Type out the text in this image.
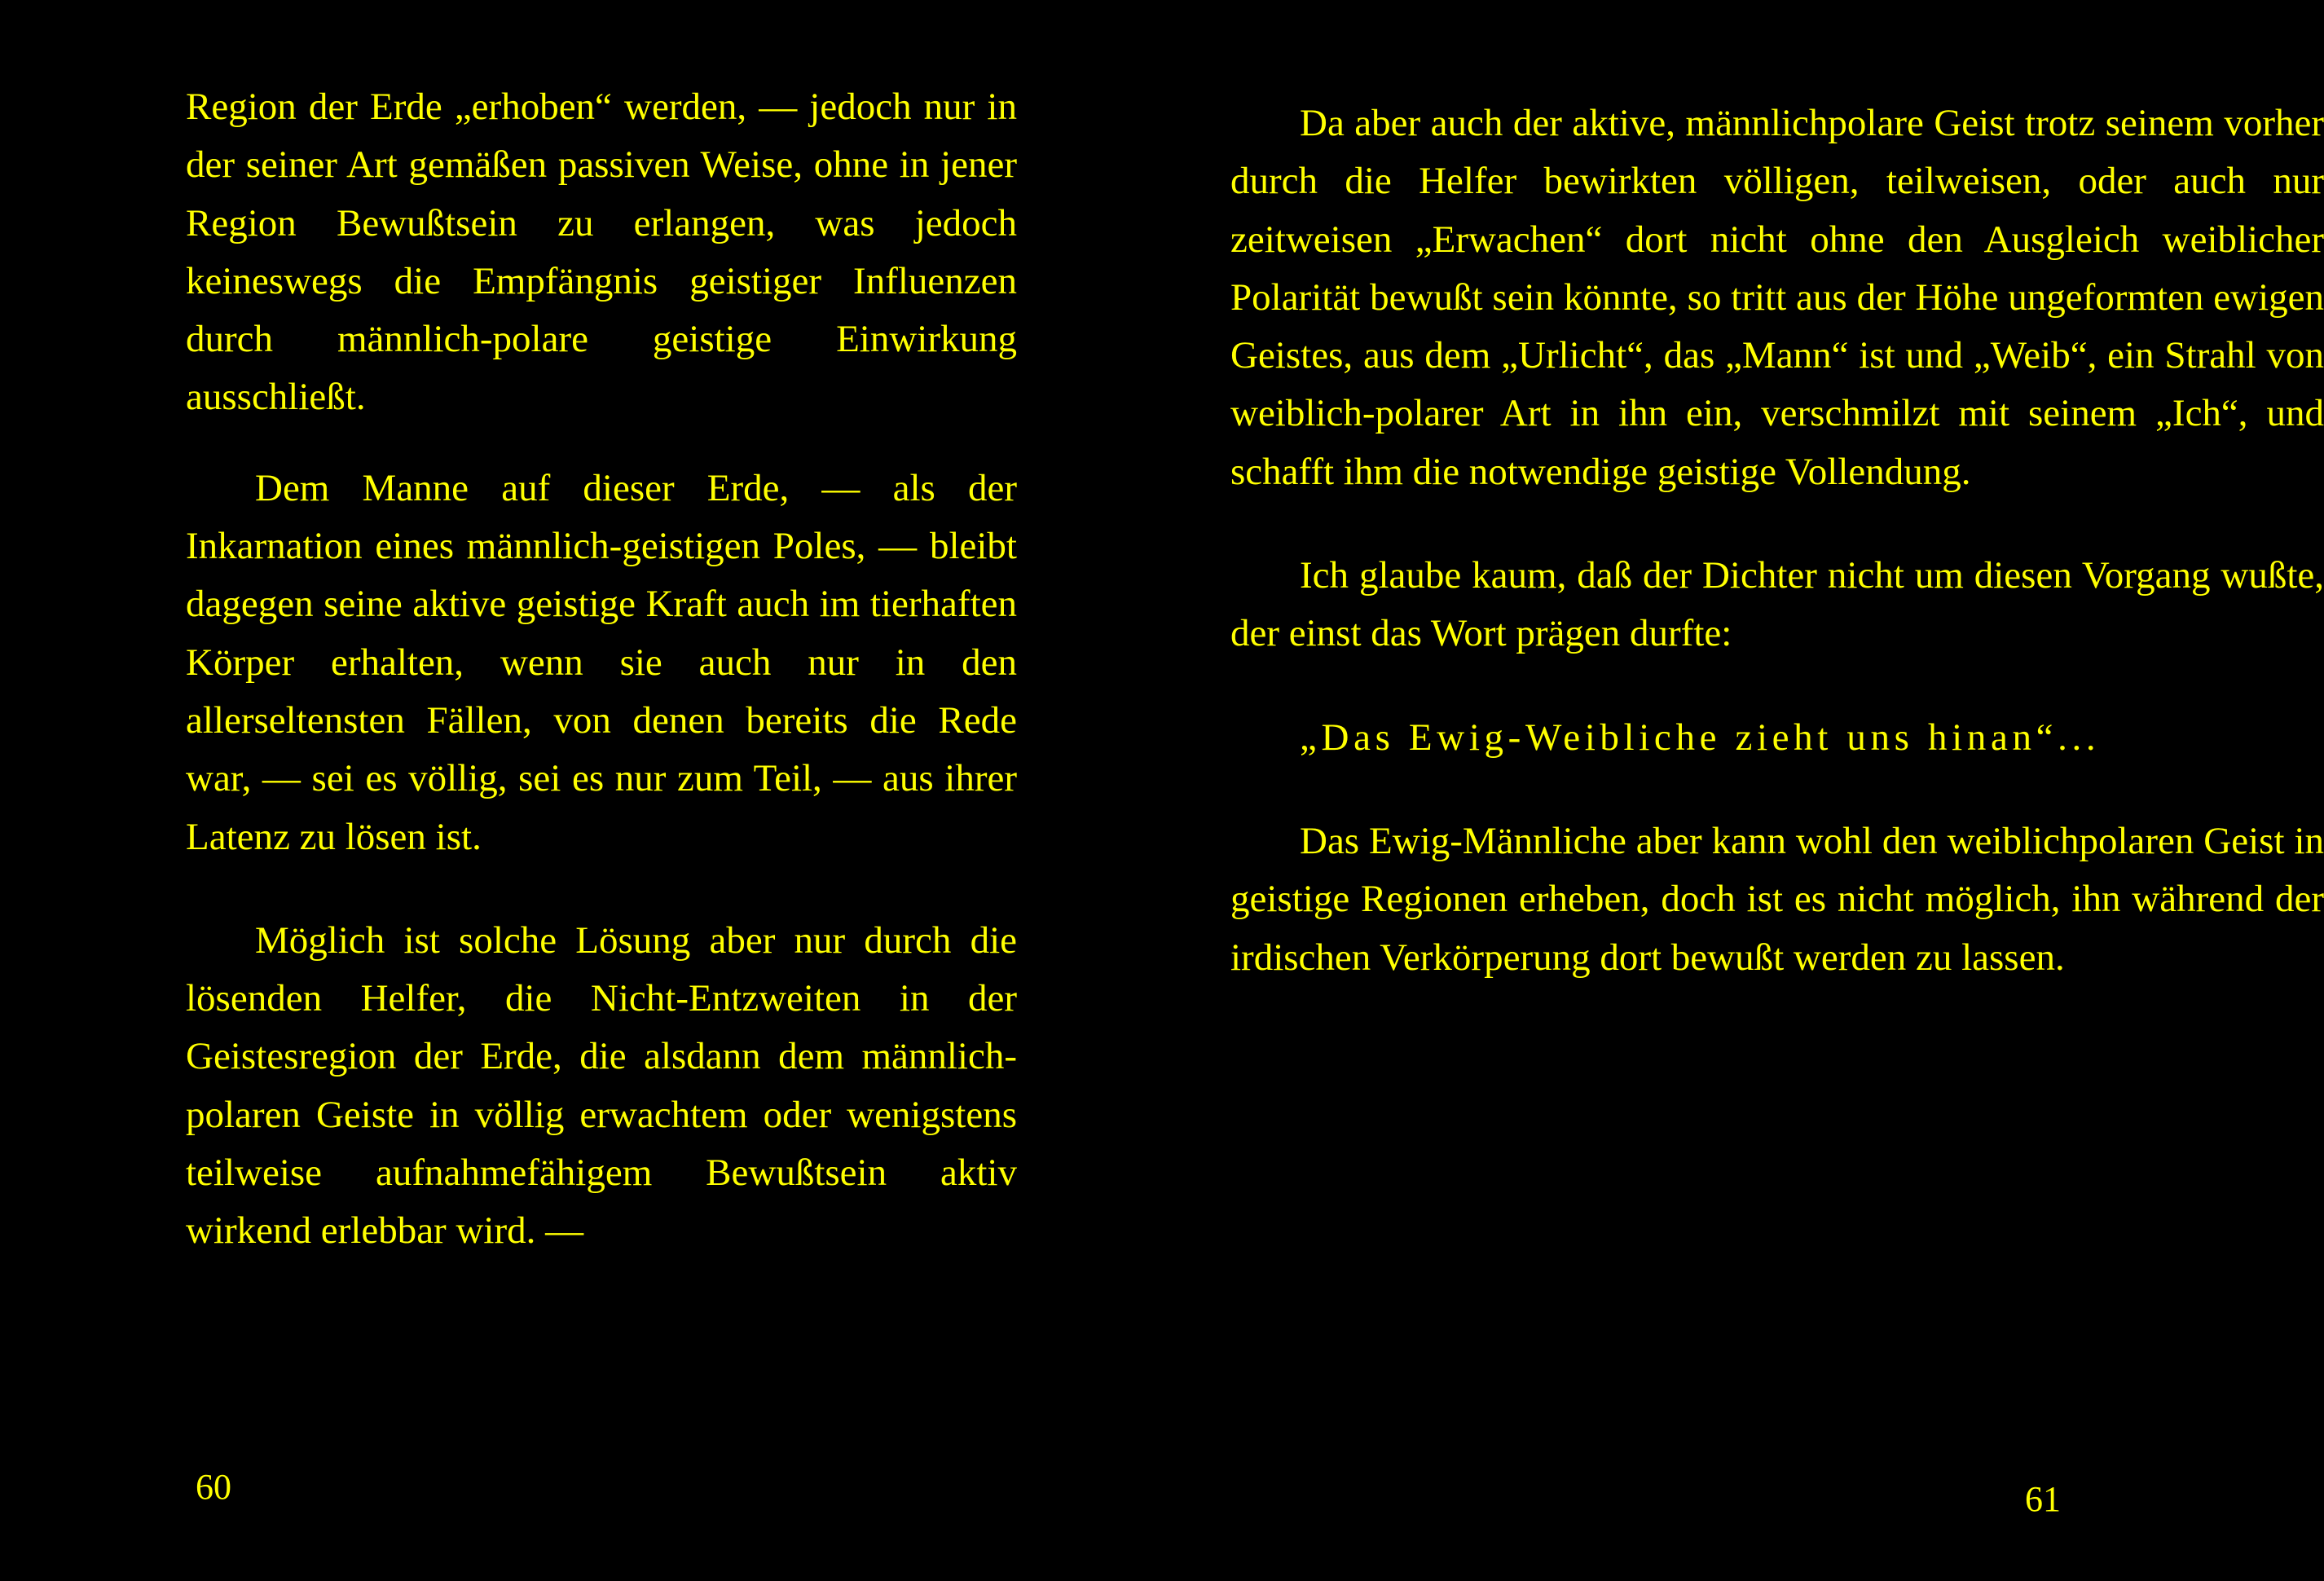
Region der Erde „erhoben“ werden, — jedoch nur in der seiner Art gemäßen passiven Weise, ohne in jener Region Bewußtsein zu erlangen, was jedoch keineswegs die Empfängnis geistiger Influenzen durch männlich-polare geistige Einwirkung ausschließt.

Dem Manne auf dieser Erde, — als der Inkarnation eines männlich-geistigen Poles, — bleibt dagegen seine aktive geistige Kraft auch im tierhaften Körper erhalten, wenn sie auch nur in den allerseltensten Fällen, von denen bereits die Rede war, — sei es völlig, sei es nur zum Teil, — aus ihrer Latenz zu lösen ist.

Möglich ist solche Lösung aber nur durch die lösenden Helfer, die Nicht-Entzweiten in der Geistesregion der Erde, die alsdann dem männlich-polaren Geiste in völlig erwachtem oder wenigstens teilweise aufnahmefähigem Bewußtsein aktiv wirkend erlebbar wird. —

60

Da aber auch der aktive, männlichpolare Geist trotz seinem vorher durch die Helfer bewirkten völligen, teilweisen, oder auch nur zeitweisen „Erwachen“ dort nicht ohne den Ausgleich weiblicher Polarität bewußt sein könnte, so tritt aus der Höhe ungeformten ewigen Geistes, aus dem „Urlicht“, das „Mann“ ist und „Weib“, ein Strahl von weiblich-polarer Art in ihn ein, verschmilzt mit seinem „Ich“, und schafft ihm die notwendige geistige Vollendung.

Ich glaube kaum, daß der Dichter nicht um diesen Vorgang wußte, der einst das Wort prägen durfte:

„Das Ewig-Weibliche zieht uns hinan“...

Das Ewig-Männliche aber kann wohl den weiblichpolaren Geist in geistige Regionen erheben, doch ist es nicht möglich, ihn während der irdischen Verkörperung dort bewußt werden zu lassen.

61
